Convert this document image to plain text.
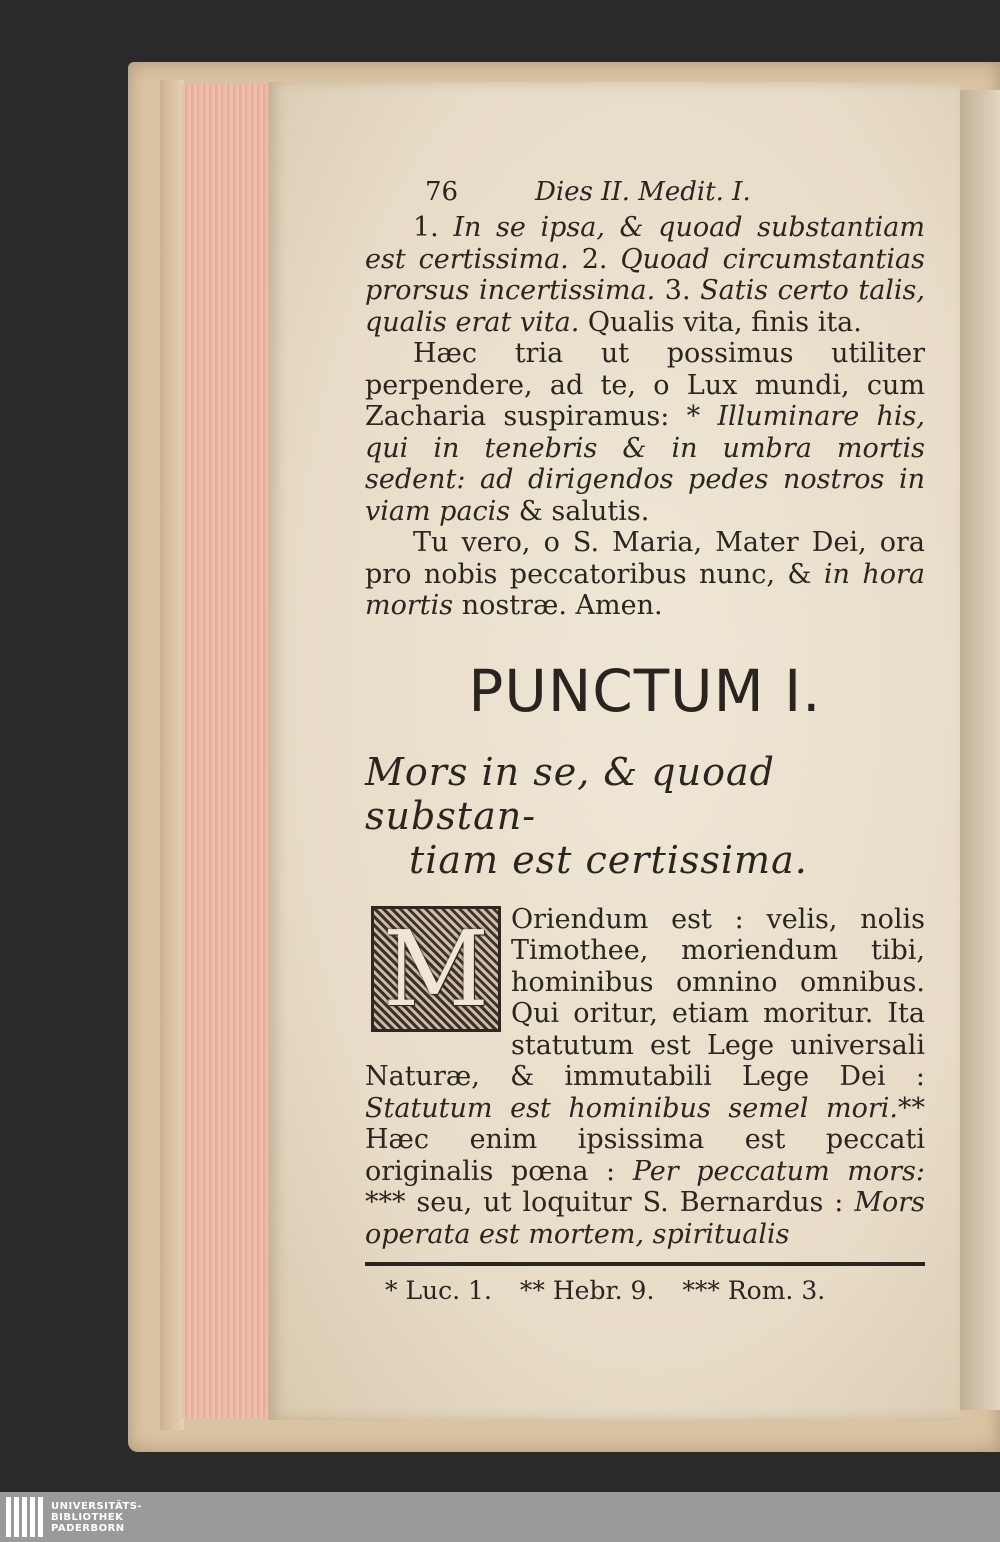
76	Dies II. Medit. I.

1. In se ipsa, & quoad substantiam est certissima. 2. Quoad circumstantias prorsus incertissima. 3. Satis certo talis, qualis erat vita. Qualis vita, finis ita.

Hæc tria ut possimus utiliter perpendere, ad te, o Lux mundi, cum Zacharia suspiramus: * Illuminare his, qui in tenebris & in umbra mortis sedent: ad dirigendos pedes nostros in viam pacis & salutis.

Tu vero, o S. Maria, Mater Dei, ora pro nobis peccatoribus nunc, & in hora mortis nostræ. Amen.

PUNCTUM I.
Mors in se, & quoad substan-
tiam est certissima.
M Oriendum est : velis, nolis Timothee, moriendum tibi, hominibus omnino omnibus. Qui oritur, etiam moritur. Ita statutum est Lege universali Naturæ, & immutabili Lege Dei : Statutum est hominibus semel mori.** Hæc enim ipsissima est peccati originalis pœna : Per peccatum mors: *** seu, ut loquitur S. Bernardus : Mors operata est mortem, spiritualis

* Luc. 1. ** Hebr. 9. *** Rom. 3.
UNIVERSITÄTS-
BIBLIOTHEK
PADERBORN
